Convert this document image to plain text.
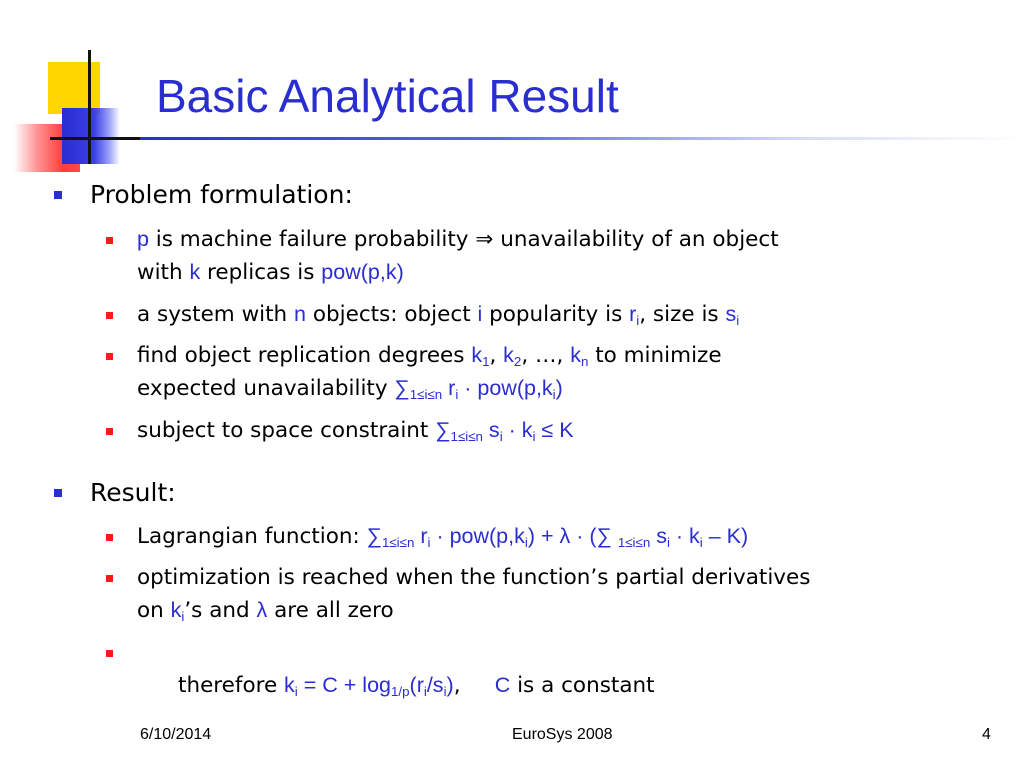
Basic Analytical Result
Problem formulation:
p is machine failure probability ⇒ unavailability of an object
with k replicas is pow(p,k)
a system with n objects: object i popularity is $r_i$, size is $s_i$
find object replication degrees $k_1$, $k_2$, …, $k_n$ to minimize
expected unavailability $\sum_{1\le i\le n}$ $r_i \cdot pow(p,k_i)$
subject to space constraint $\sum_{1\le i\le n}$ $s_i \cdot k_i \le K$
Result:
Lagrangian function: $\sum_{1\le i\le n}$ $r_i \cdot pow(p,k_i) + \lambda$ · (∑ $_{1\le i\le n}$ $s_i \cdot k_i - K$)
optimization is reached when the function’s partial derivatives
on $k_i’s$ and λ are all zero

therefore $k_i = C + \log_{1/p}(r_i/s_i)$,     C is a constant

6/10/2014	EuroSys 2008	4
